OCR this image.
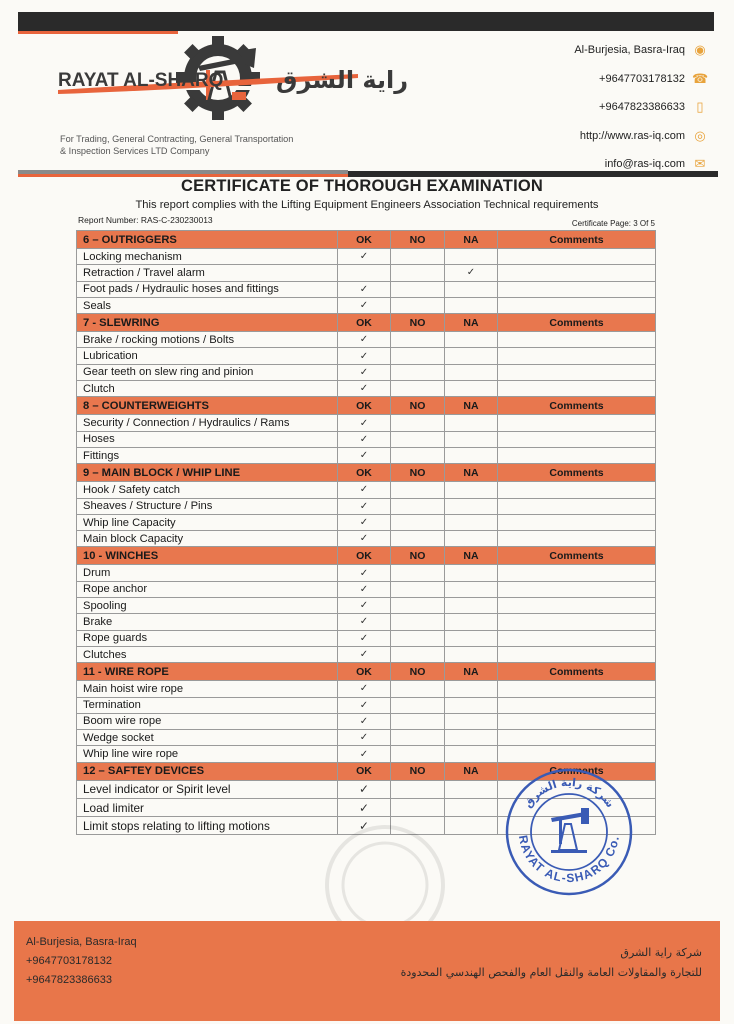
RAYAT AL-SHARQ راية الشرق
For Trading, General Contracting, General Transportation
& Inspection Services LTD Company
Al-Burjesia, Basra-Iraq ◉
+9647703178132 ☎
+9647823386633 ▯
http://www.ras-iq.com ◎
info@ras-iq.com ✉
CERTIFICATE OF THOROUGH EXAMINATION
This report complies with the Lifting Equipment Engineers Association Technical requirements
Report Number: RAS-C-230230013	Certificate Page: 3 Of 5
6 – OUTRIGGERS	OK	NO	NA	Comments
Locking mechanism	✓			
Retraction / Travel alarm			✓	
Foot pads / Hydraulic hoses and fittings	✓			
Seals	✓			
7 - SLEWRING	OK	NO	NA	Comments
Brake / rocking motions / Bolts	✓			
Lubrication	✓			
Gear teeth on slew ring and pinion	✓			
Clutch	✓			
8 – COUNTERWEIGHTS	OK	NO	NA	Comments
Security / Connection / Hydraulics / Rams	✓			
Hoses	✓			
Fittings	✓			
9 – MAIN BLOCK / WHIP LINE	OK	NO	NA	Comments
Hook / Safety catch	✓			
Sheaves / Structure / Pins	✓			
Whip line Capacity	✓			
Main block Capacity	✓			
10 - WINCHES	OK	NO	NA	Comments
Drum	✓			
Rope anchor	✓			
Spooling	✓			
Brake	✓			
Rope guards	✓			
Clutches	✓			
11 - WIRE ROPE	OK	NO	NA	Comments
Main hoist wire rope	✓			
Termination	✓			
Boom wire rope	✓			
Wedge socket	✓			
Whip line wire rope	✓			
12 – SAFTEY DEVICES	OK	NO	NA	Comments
Level indicator or Spirit level	✓			
Load limiter	✓			
Limit stops relating to lifting motions	✓			
RAYAT AL-SHARQ Co.
شركة راية الشرق
Al-Burjesia, Basra-Iraq
+9647703178132
+9647823386633
شركة راية الشرق
للتجارة والمقاولات العامة والنقل العام والفحص الهندسي المحدودة
